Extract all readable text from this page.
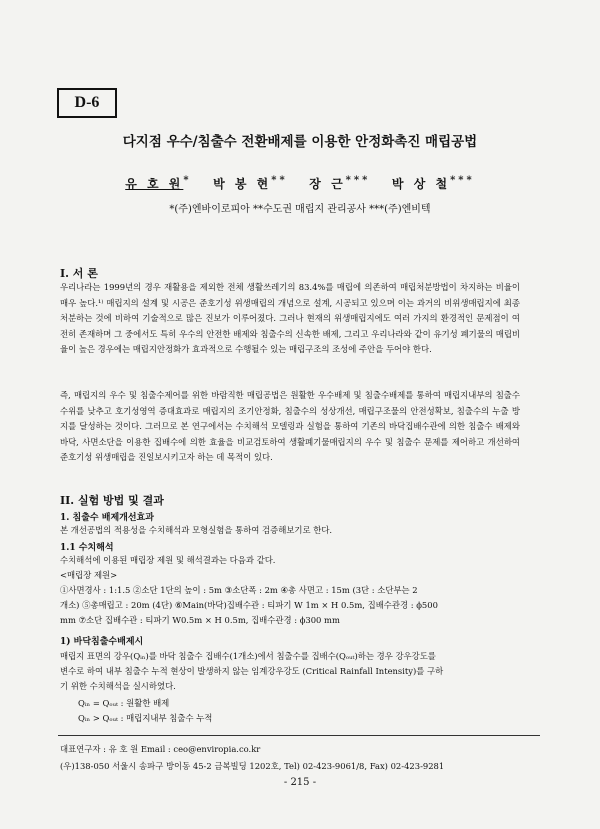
D-6
다지점 우수/침출수 전환배제를 이용한 안정화촉진 매립공법
유 호 원* 박 봉 현** 장 근*** 박 상 철***
*(주)엔바이로피아 **수도권 매립지 관리공사 ***(주)엔비텍
I. 서 론

우리나라는 1999년의 경우 재활용을 제외한 전체 생활쓰레기의 83.4%를 매립에 의존하여 매립처분방법이 차지하는 비율이 매우 높다.¹⁾ 매립지의 설계 및 시공은 준호기성 위생매립의 개념으로 설계, 시공되고 있으며 이는 과거의 비위생매립지에 최종처분하는 것에 비하여 기술적으로 많은 진보가 이루어졌다. 그러나 현재의 위생매립지에도 여러 가지의 환경적인 문제점이 여전히 존재하며 그 중에서도 특히 우수의 안전한 배제와 침출수의 신속한 배제, 그리고 우리나라와 같이 유기성 폐기물의 매립비율이 높은 경우에는 매립지안정화가 효과적으로 수행될수 있는 매립구조의 조성에 주안을 두어야 한다.

즉, 매립지의 우수 및 침출수제어를 위한 바람직한 매립공법은 원활한 우수배제 및 침출수배제를 통하여 매립지내부의 침출수 수위를 낮추고 호기성영역 증대효과로 매립지의 조기안정화, 침출수의 성상개선, 매립구조물의 안전성확보, 침출수의 누출 방지를 달성하는 것이다. 그러므로 본 연구에서는 수치해석 모델링과 실험을 통하여 기존의 바닥집배수관에 의한 침출수 배제와 바닥, 사면소단을 이용한 집배수에 의한 효율을 비교검토하여 생활폐기물매립지의 우수 및 침출수 문제를 제어하고 개선하여 준호기성 위생매립을 진일보시키고자 하는 데 목적이 있다.

II. 실험 방법 및 결과
1. 침출수 배제개선효과
본 개선공법의 적용성을 수치해석과 모형실험을 통하여 검증해보기로 한다.
1.1 수치해석
수치해석에 이용된 매립장 제원 및 해석결과는 다음과 같다.
<매립장 제원>
①사면경사 : 1:1.5 ②소단 1단의 높이 : 5m ③소단폭 : 2m ④총 사면고 : 15m (3단 : 소단부는 2
개소) ⑤총매립고 : 20m (4단) ⑥Main(바닥)집배수관 : 티파기 W 1m × H 0.5m, 집배수관경 : ϕ500
mm ⑦소단 집배수관 : 티파기 W0.5m × H 0.5m, 집배수관경 : ϕ300 mm
1) 바닥침출수배제시
매립지 표면의 강우(Qᵢₙ)를 바닥 침출수 집배수(1개소)에서 침출수를 집배수(Qₒᵤₜ)하는 경우 강우강도를
변수로 하여 내부 침출수 누적 현상이 발생하지 않는 임계강우강도 (Critical Rainfall Intensity)를 구하
기 위한 수치해석을 실시하였다.
Qᵢₙ = Qₒᵤₜ : 원활한 배제
Qᵢₙ > Qₒᵤₜ : 매립지내부 침출수 누적
대표연구자 : 유 호 원 Email : ceo@enviropia.co.kr
(우)138-050 서울시 송파구 방이동 45-2 금복빌딩 1202호, Tel) 02-423-9061/8, Fax) 02-423-9281
- 215 -
